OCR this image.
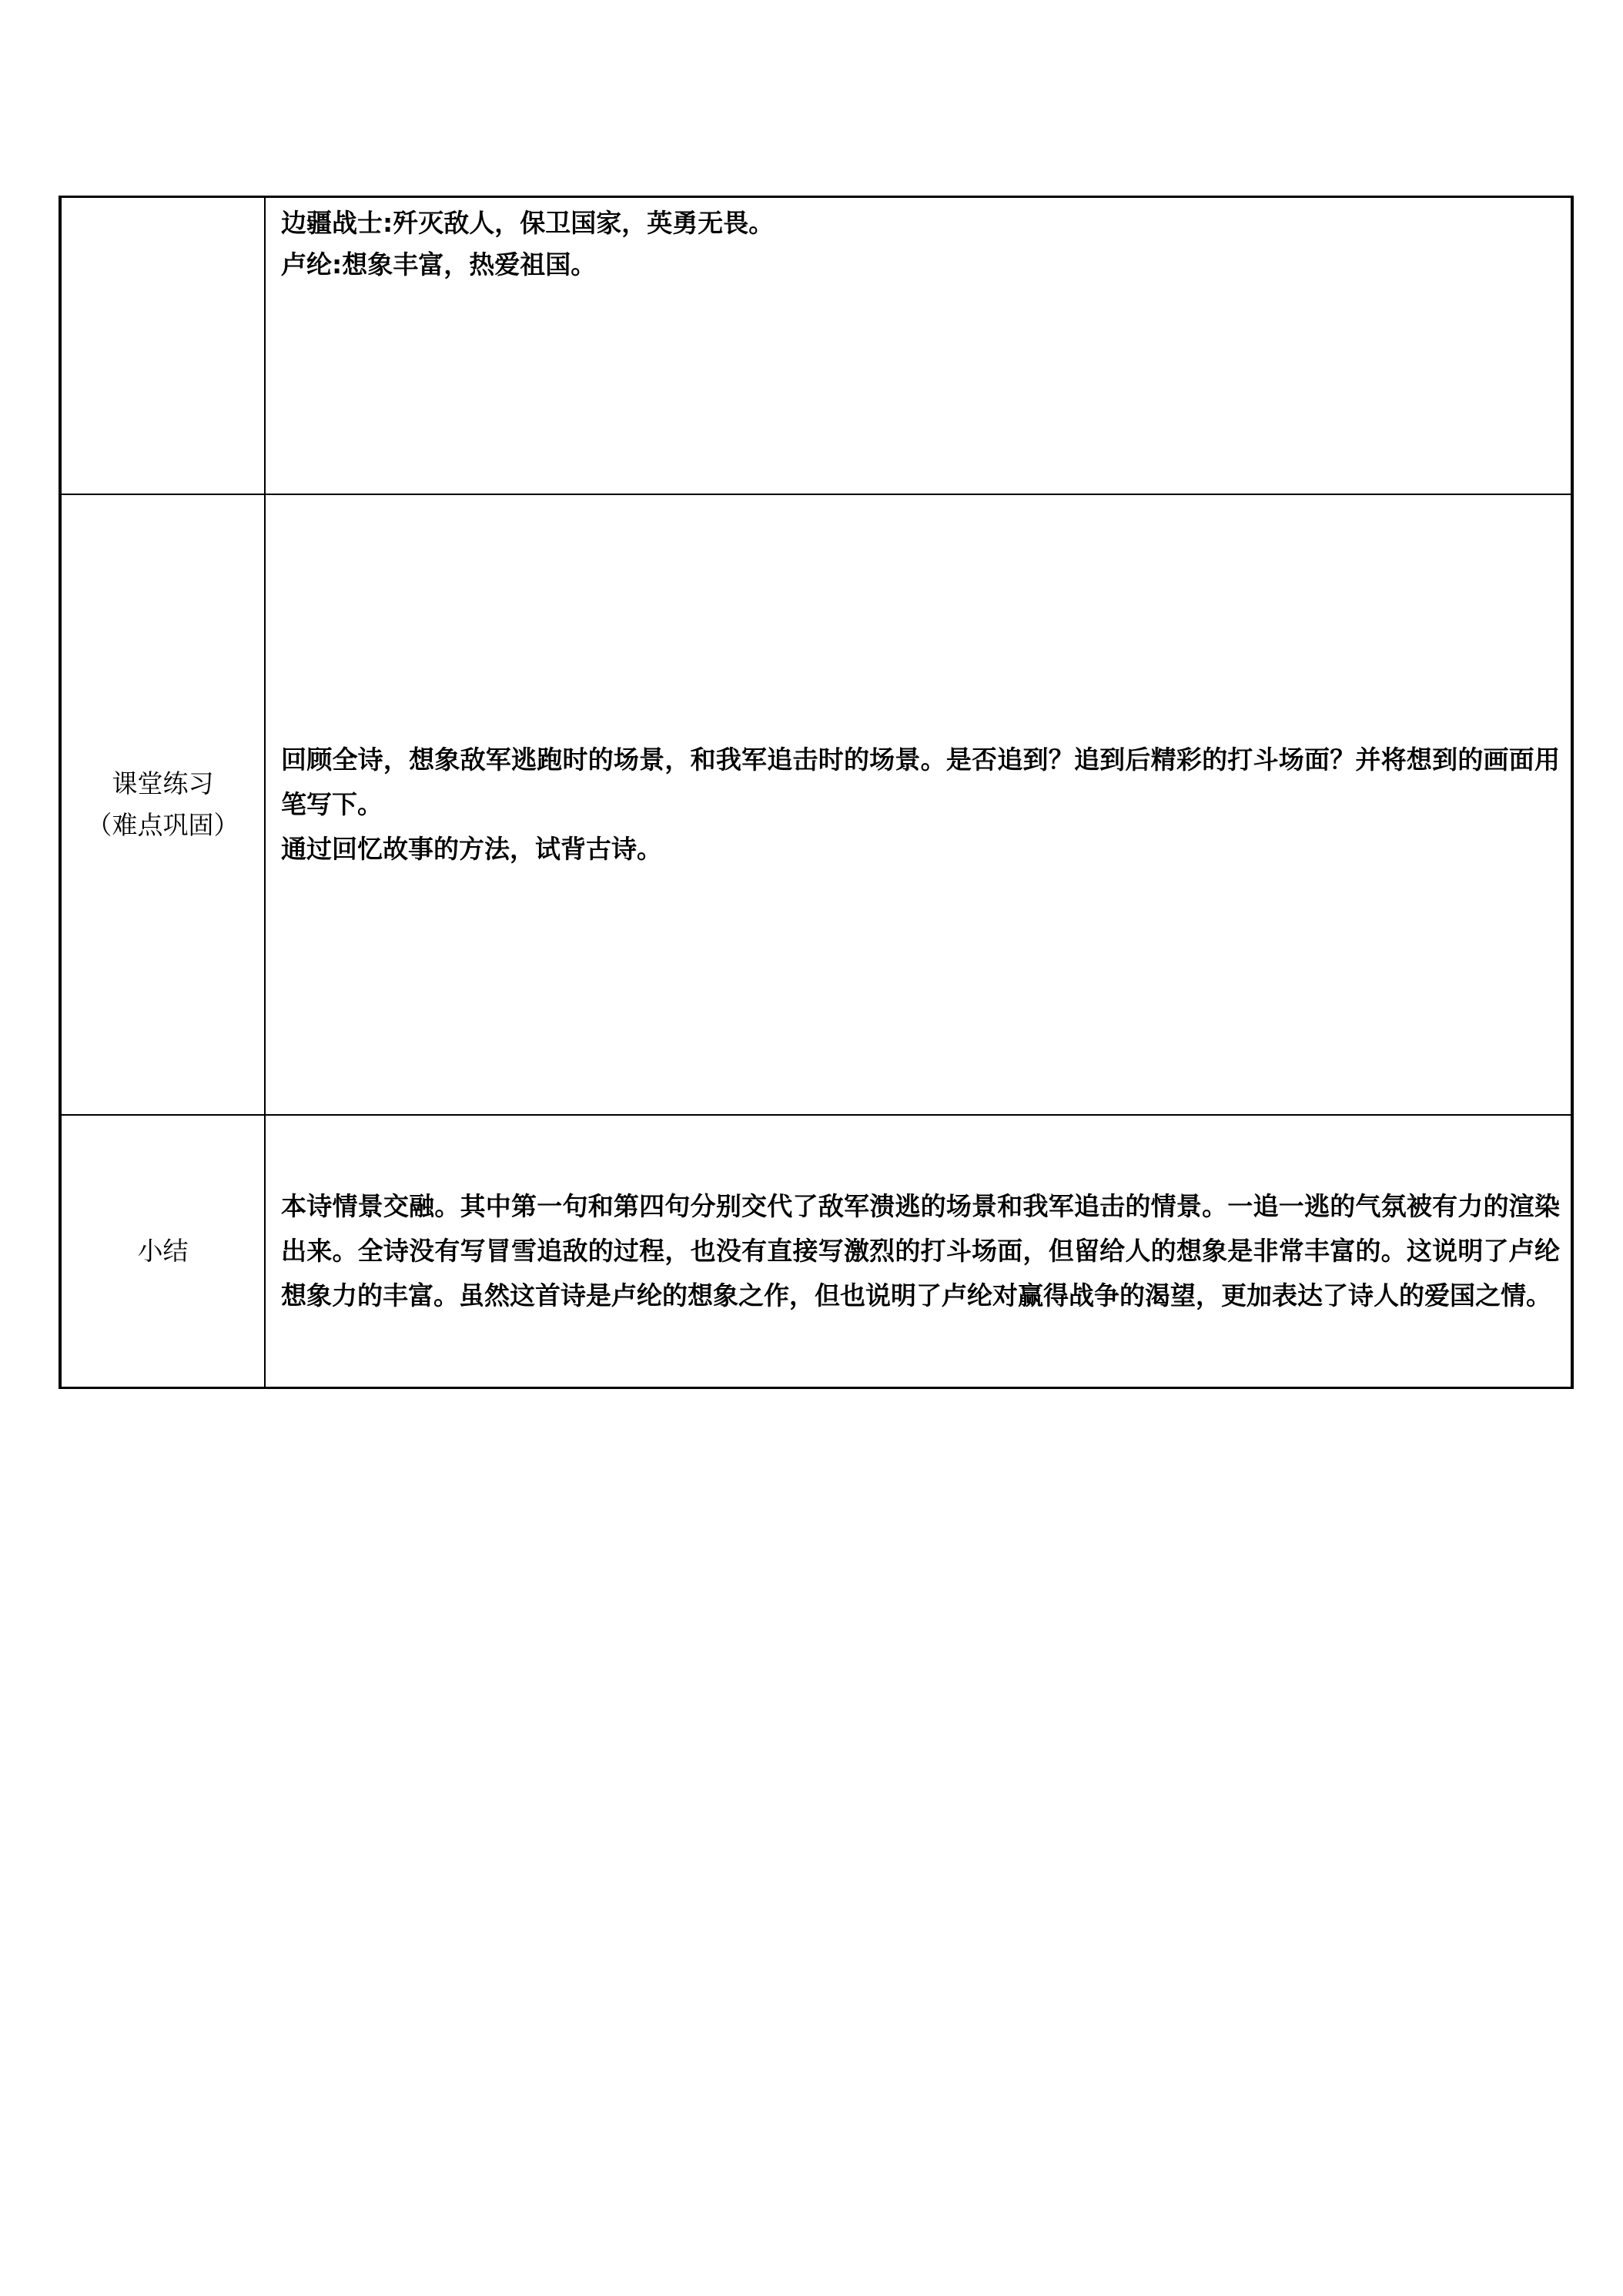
	边疆战士:歼灭敌人，保卫国家，英勇无畏。
卢纶:想象丰富，热爱祖国。

课堂练习
（难点巩固）	回顾全诗，想象敌军逃跑时的场景，和我军追击时的场景。是否追到？追到后精彩的打斗场面？并将想到的画面用笔写下。
通过回忆故事的方法，试背古诗。

小结	本诗情景交融。其中第一句和第四句分别交代了敌军溃逃的场景和我军追击的情景。一追一逃的气氛被有力的渲染出来。全诗没有写冒雪追敌的过程，也没有直接写激烈的打斗场面，但留给人的想象是非常丰富的。这说明了卢纶想象力的丰富。虽然这首诗是卢纶的想象之作，但也说明了卢纶对赢得战争的渴望，更加表达了诗人的爱国之情。
